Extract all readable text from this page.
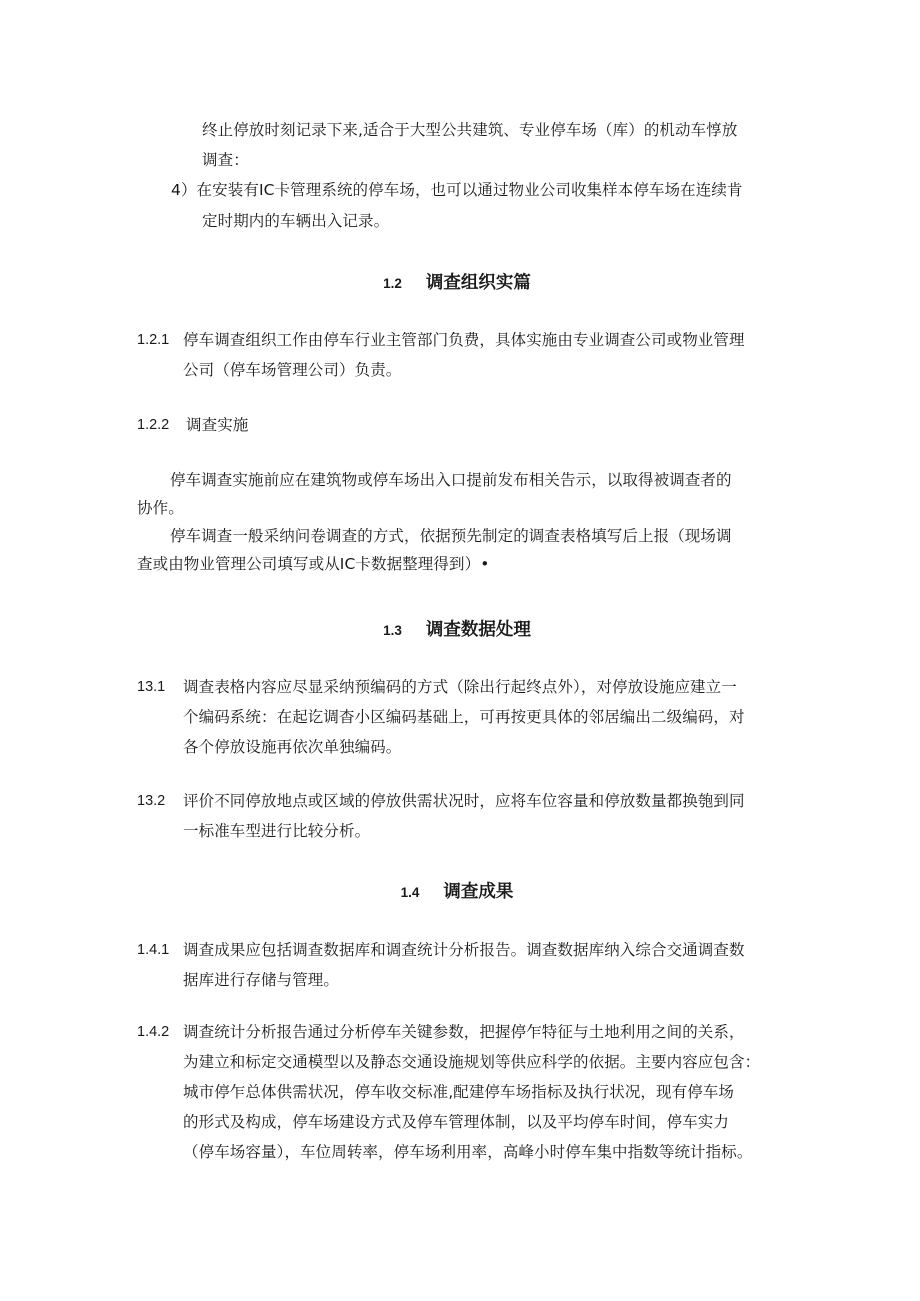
终止停放时刻记录下来,适合于大型公共建筑、专业停车场（库）的机动车惇放

调查：

4）在安装有IC卡管理系统的停车场，也可以通过物业公司收集样本停车场在连续肯

定时期内的车辆出入记录。

1.2 调查组织实篇
1.2.1 停车调查组织工作由停车行业主管部门负费，具体实施由专业调查公司或物业管理

公司（停车场管理公司）负责。

1.2.2 调查实施

停车调查实施前应在建筑物或停车场出入口提前发布相关告示，以取得被调查者的

协作。

停车调查一般采纳问卷调查的方式，依据预先制定的调查表格填写后上报（现场调

查或由物业管理公司填写或从IC卡数据整理得到）•

1.3 调查数据处理
13.1 调查表格内容应尽显采纳预编码的方式（除出行起终点外），对停放设施应建立一

个编码系统：在起讫调杳小区编码基础上，可再按更具体的邻居编出二级编码，对

各个停放设施再依次单独编码。

13.2 评价不同停放地点或区域的停放供需状况时，应将车位容量和停放数量都换匏到同

一标准车型进行比较分析。

1.4 调查成果
1.4.1 调查成果应包括调查数据库和调查统计分析报告。调查数据库纳入综合交通调查数

据库进行存储与管理。

1.4.2 调查统计分析报告通过分析停车关键参数，把握停乍特征与土地利用之间的关系，

为建立和标定交通模型以及静态交通设施规划等供应科学的依据。主要内容应包含：

城市停乍总体供需状况，停车收交标准,配建停车场指标及执行状况，现有停车场

的形式及构成，停车场建设方式及停车管理体制，以及平均停车时间，停车实力

（停车场容量），车位周转率，停车场利用率，高峰小时停车集中指数等统计指标。
